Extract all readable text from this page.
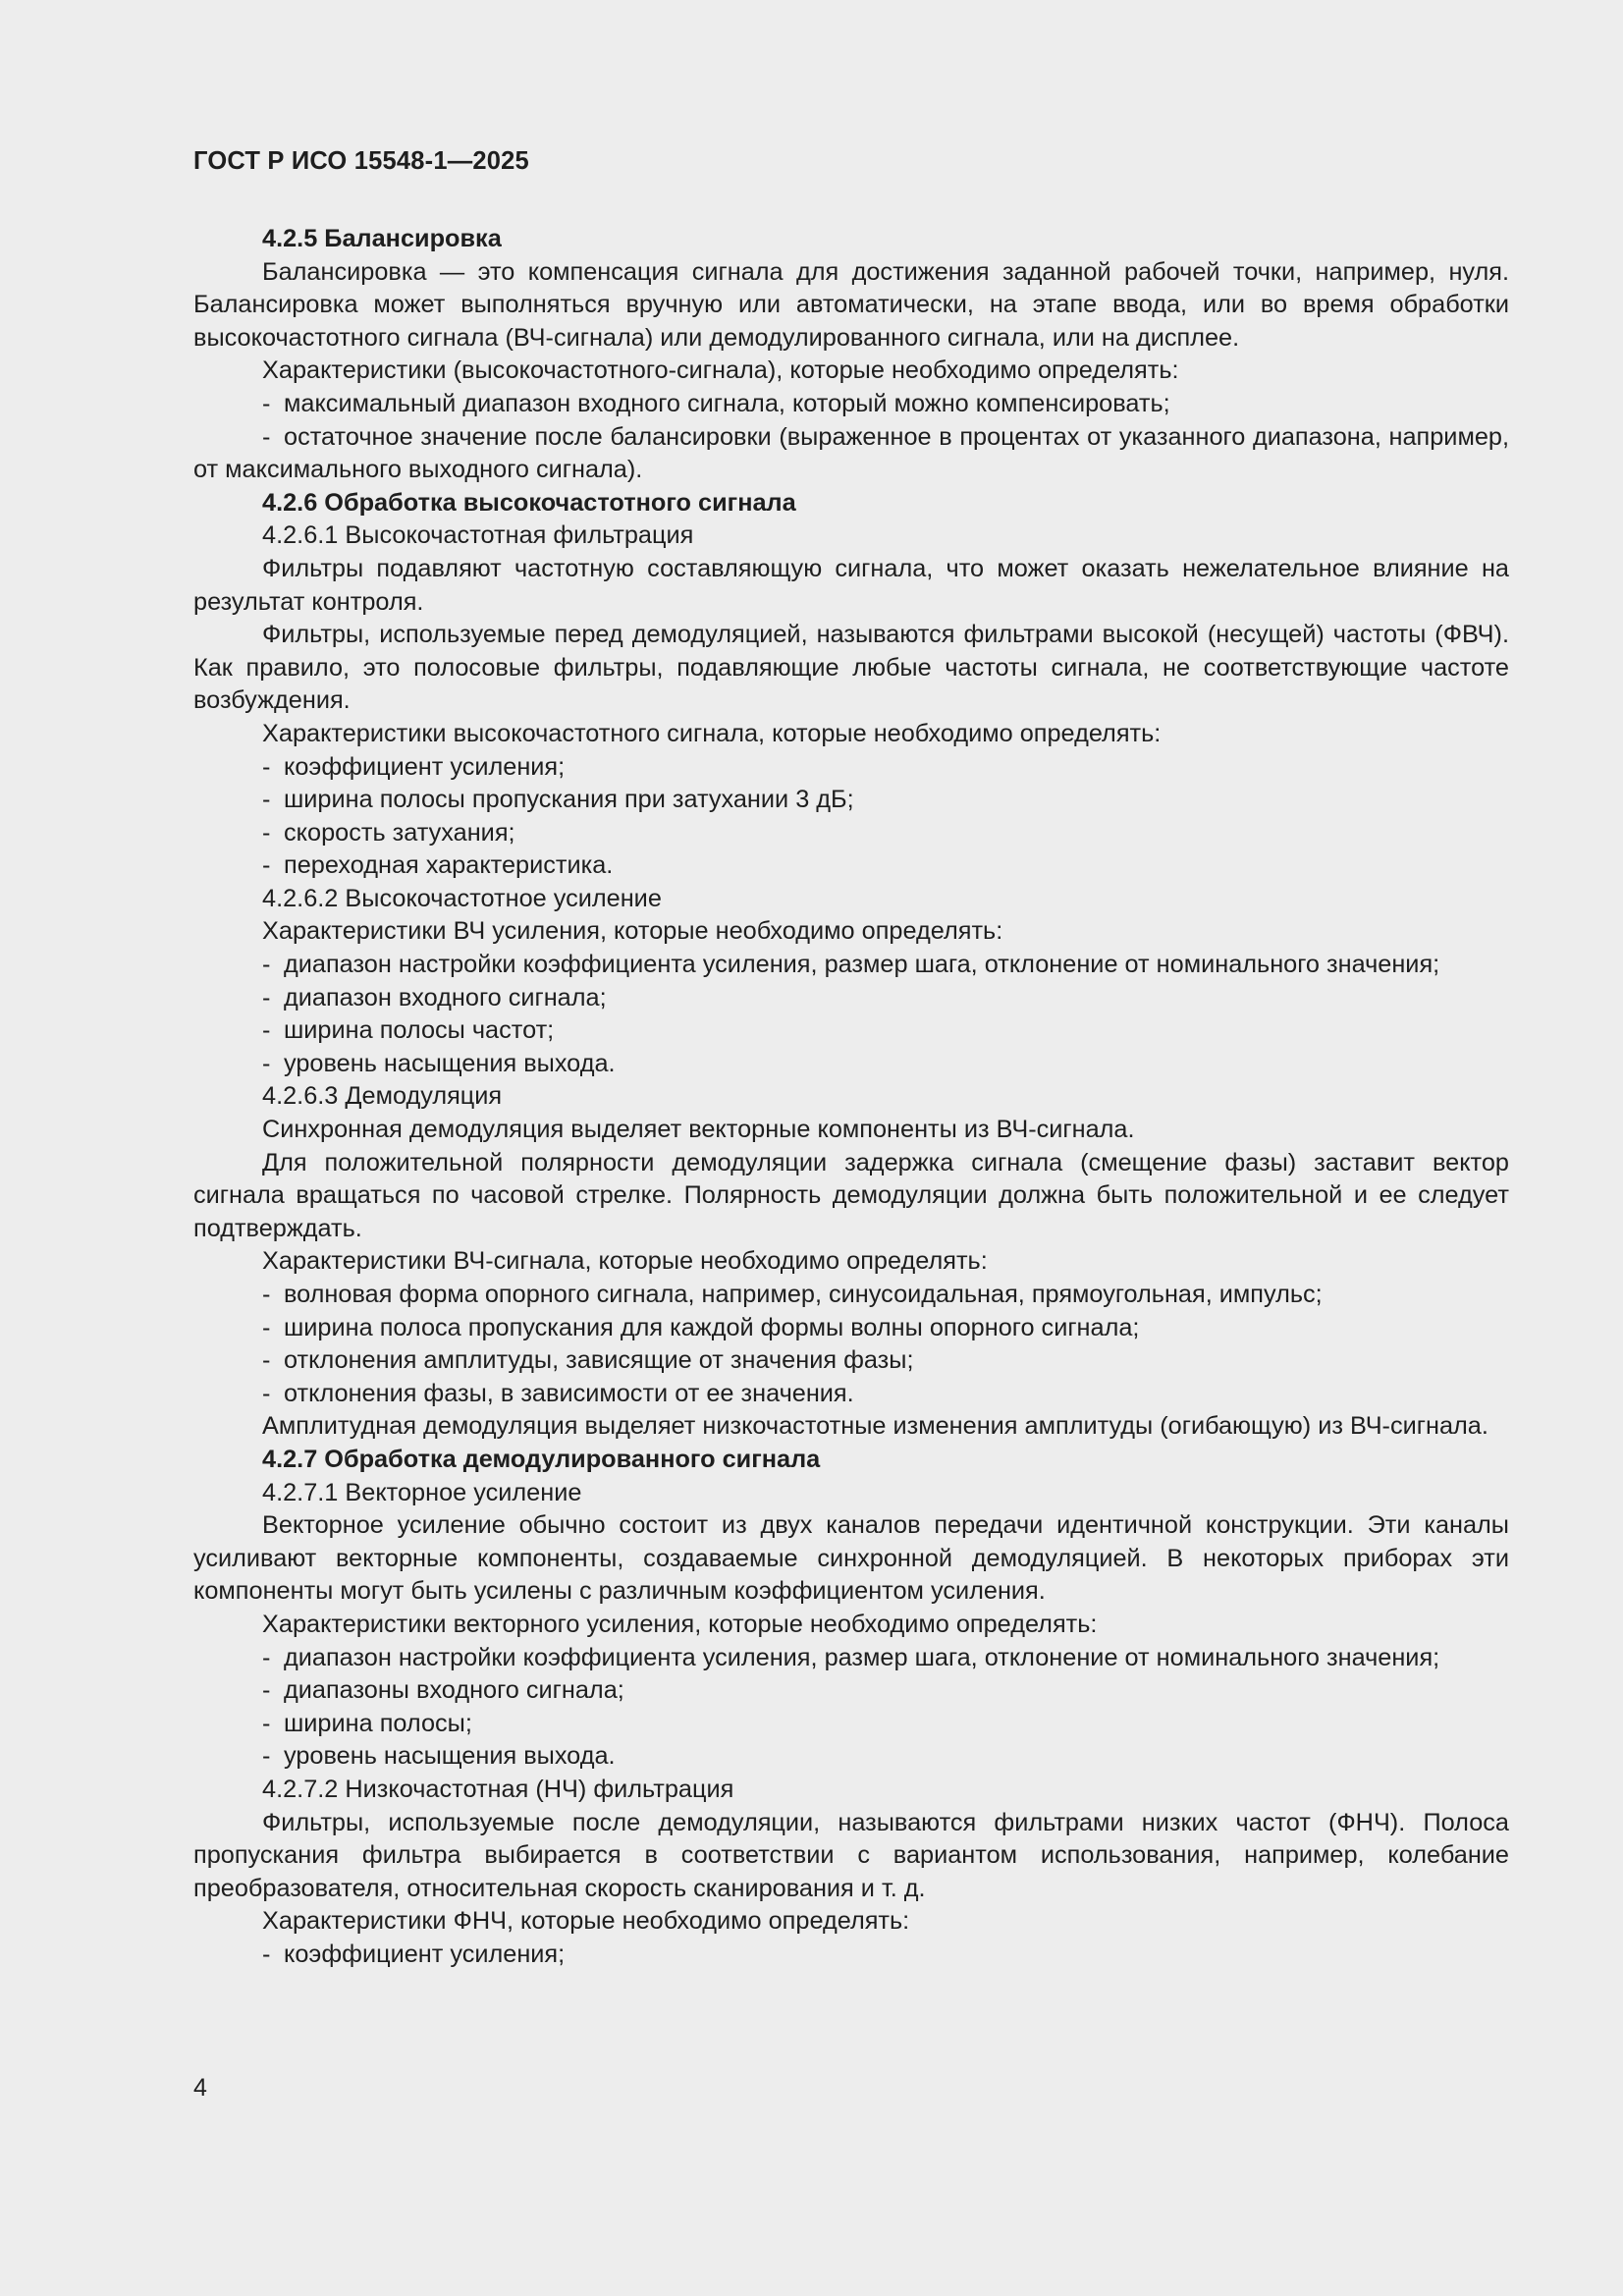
ГОСТ Р ИСО 15548-1—2025

4.2.5 Балансировка

Балансировка — это компенсация сигнала для достижения заданной рабочей точки, например, нуля. Балансировка может выполняться вручную или автоматически, на этапе ввода, или во время обработки высокочастотного сигнала (ВЧ-сигнала) или демодулированного сигнала, или на дисплее.

Характеристики (высокочастотного-сигнала), которые необходимо определять:

- максимальный диапазон входного сигнала, который можно компенсировать;

- остаточное значение после балансировки (выраженное в процентах от указанного диапазона, например, от максимального выходного сигнала).

4.2.6 Обработка высокочастотного сигнала

4.2.6.1 Высокочастотная фильтрация

Фильтры подавляют частотную составляющую сигнала, что может оказать нежелательное влияние на результат контроля.

Фильтры, используемые перед демодуляцией, называются фильтрами высокой (несущей) частоты (ФВЧ). Как правило, это полосовые фильтры, подавляющие любые частоты сигнала, не соответствующие частоте возбуждения.

Характеристики высокочастотного сигнала, которые необходимо определять:

- коэффициент усиления;
- ширина полосы пропускания при затухании 3 дБ;
- скорость затухания;
- переходная характеристика.

4.2.6.2 Высокочастотное усиление

Характеристики ВЧ усиления, которые необходимо определять:

- диапазон настройки коэффициента усиления, размер шага, отклонение от номинального значения;

- диапазон входного сигнала;
- ширина полосы частот;
- уровень насыщения выхода.

4.2.6.3 Демодуляция

Синхронная демодуляция выделяет векторные компоненты из ВЧ-сигнала.

Для положительной полярности демодуляции задержка сигнала (смещение фазы) заставит вектор сигнала вращаться по часовой стрелке. Полярность демодуляции должна быть положительной и ее следует подтверждать.

Характеристики ВЧ-сигнала, которые необходимо определять:

- волновая форма опорного сигнала, например, синусоидальная, прямоугольная, импульс;
- ширина полоса пропускания для каждой формы волны опорного сигнала;
- отклонения амплитуды, зависящие от значения фазы;
- отклонения фазы, в зависимости от ее значения.

Амплитудная демодуляция выделяет низкочастотные изменения амплитуды (огибающую) из ВЧ-сигнала.

4.2.7 Обработка демодулированного сигнала

4.2.7.1 Векторное усиление

Векторное усиление обычно состоит из двух каналов передачи идентичной конструкции. Эти каналы усиливают векторные компоненты, создаваемые синхронной демодуляцией. В некоторых приборах эти компоненты могут быть усилены с различным коэффициентом усиления.

Характеристики векторного усиления, которые необходимо определять:

- диапазон настройки коэффициента усиления, размер шага, отклонение от номинального значения;

- диапазоны входного сигнала;
- ширина полосы;
- уровень насыщения выхода.

4.2.7.2 Низкочастотная (НЧ) фильтрация

Фильтры, используемые после демодуляции, называются фильтрами низких частот (ФНЧ). Полоса пропускания фильтра выбирается в соответствии с вариантом использования, например, колебание преобразователя, относительная скорость сканирования и т. д.

Характеристики ФНЧ, которые необходимо определять:

- коэффициент усиления;
4
